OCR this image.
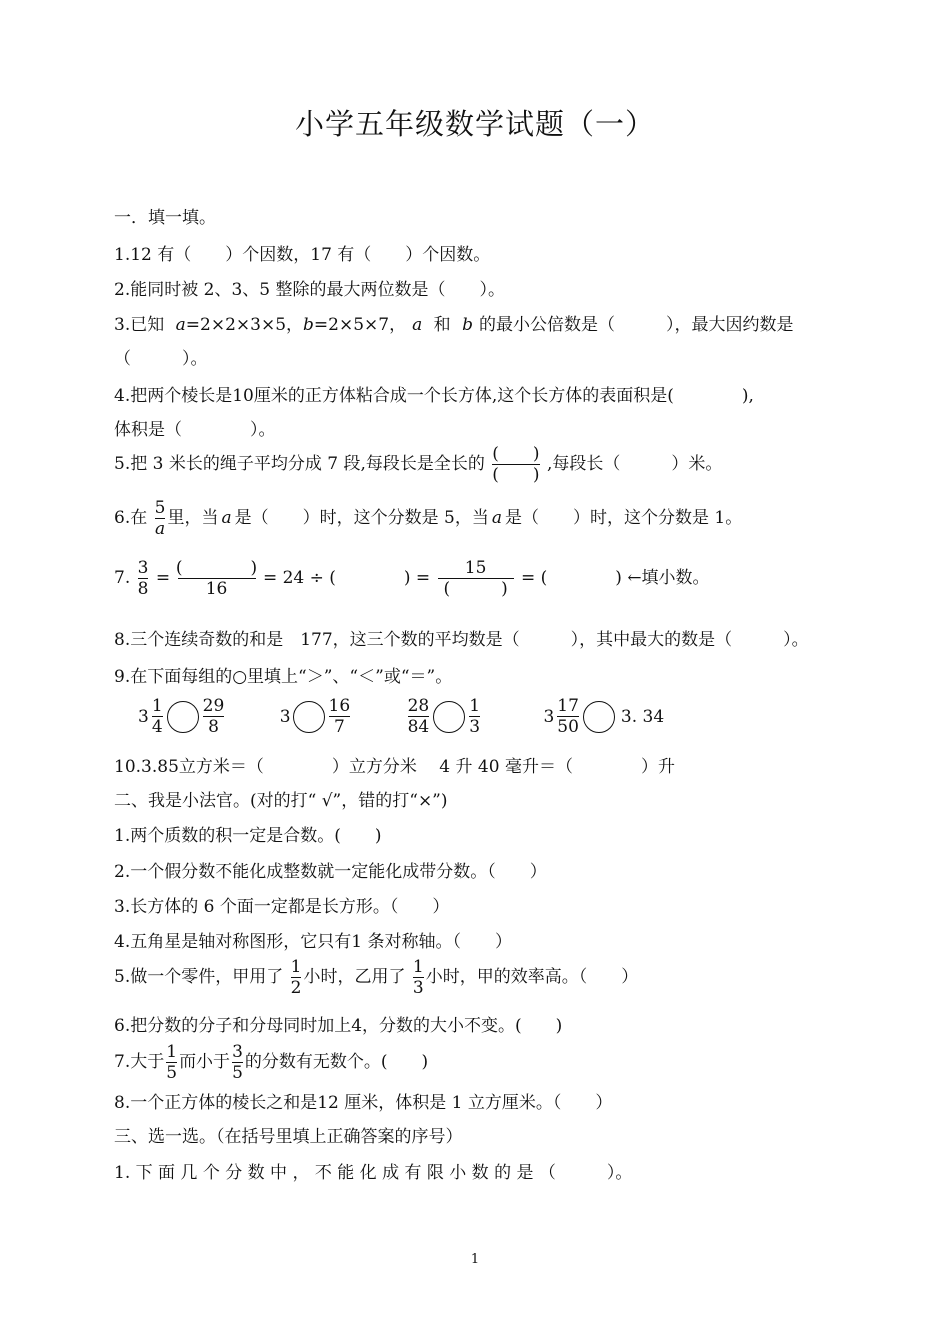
小学五年级数学试题（一）
一．填一填。
1.12 有（　　）个因数，17 有（　　）个因数。
2.能同时被 2、3、5 整除的最大两位数是（　　）。
3.已知 a=2×2×3×5，b=2×5×7， a 和 b 的最小公倍数是（　　　），最大因约数是
（　　　）。
4.把两个棱长是10厘米的正方体粘合成一个长方体,这个长方体的表面积是(　　　　),
体积是（　　　　）。
5.把 3 米长的绳子平均分成 7 段,每段长是全长的 $\frac{( )}{( )}$ ,每段长（　　　）米。
6.在 $\frac{5}{a}$ 里，当 a 是（　　）时，这个分数是 5，当 a 是（　　）时，这个分数是 1。
7. $\frac{3}{8} = \frac{( )}{16} = 24$ ÷ (　　　　) = $\frac{15}{( )}$ = (　　　　) ←填小数。
8.三个连续奇数的和是　177，这三个数的平均数是（　　　），其中最大的数是（　　　）。
9.在下面每组的○里填上“＞”、“＜”或“＝”。
$3 \frac{1}{4} \frac{29}{8}$
	$3 \frac{16}{7}$
	$\frac{28}{84} \frac{1}{3}$
	$3 \frac{17}{50} 3$. 34
10.3.85立方米＝（　　　　）立方分米　 4 升 40 毫升＝（　　　　）升
二、我是小法官。(对的打“ √”，错的打“×”)
1.两个质数的积一定是合数。(　　)
2.一个假分数不能化成整数就一定能化成带分数。（　　）
3.长方体的 6 个面一定都是长方形。（　　）
4.五角星是轴对称图形，它只有1 条对称轴。（　　）
5.做一个零件，甲用了 $\frac{1}{2}$ 小时，乙用了 $\frac{1}{3}$ 小时，甲的效率高。（　　）
6.把分数的分子和分母同时加上4，分数的大小不变。(　　)
7.大于 $\frac{1}{5}$ 而小于 $\frac{3}{5}$ 的分数有无数个。(　　)
8.一个正方体的棱长之和是12 厘米，体积是 1 立方厘米。（　　）
三、选一选。（在括号里填上正确答案的序号）
1. 下 面 几 个 分 数 中 ， 不 能 化 成 有 限 小 数 的 是 （　　　）。
1
